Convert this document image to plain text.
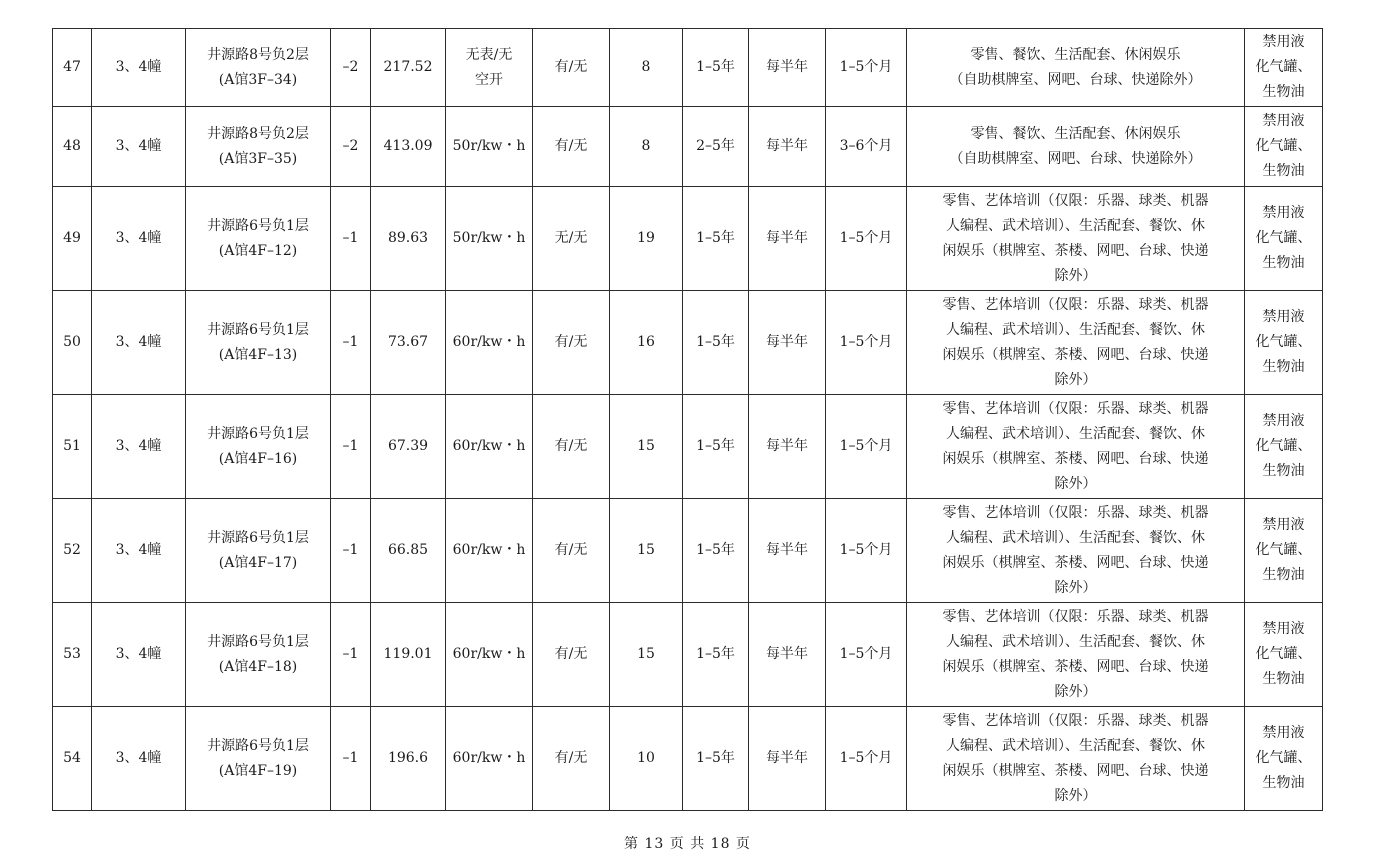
47	3、4幢	井源路8号负2层
(A馆3F–34)	–2	217.52	无表/无
空开	有/无	8	1–5年	每半年	1–5个月	零售、餐饮、生活配套、休闲娱乐
（自助棋牌室、网吧、台球、快递除外）	禁用液
化气罐、
生物油

48	3、4幢	井源路8号负2层
(A馆3F–35)	–2	413.09	50r/kw・h	有/无	8	2–5年	每半年	3–6个月	零售、餐饮、生活配套、休闲娱乐
（自助棋牌室、网吧、台球、快递除外）	禁用液
化气罐、
生物油

49	3、4幢	井源路6号负1层
(A馆4F–12)	–1	89.63	50r/kw・h	无/无	19	1–5年	每半年	1–5个月	零售、艺体培训（仅限：乐器、球类、机器
人编程、武术培训）、生活配套、餐饮、休
闲娱乐（棋牌室、茶楼、网吧、台球、快递
除外）	禁用液
化气罐、
生物油

50	3、4幢	井源路6号负1层
(A馆4F–13)	–1	73.67	60r/kw・h	有/无	16	1–5年	每半年	1–5个月	零售、艺体培训（仅限：乐器、球类、机器
人编程、武术培训）、生活配套、餐饮、休
闲娱乐（棋牌室、茶楼、网吧、台球、快递
除外）	禁用液
化气罐、
生物油

51	3、4幢	井源路6号负1层
(A馆4F–16)	–1	67.39	60r/kw・h	有/无	15	1–5年	每半年	1–5个月	零售、艺体培训（仅限：乐器、球类、机器
人编程、武术培训）、生活配套、餐饮、休
闲娱乐（棋牌室、茶楼、网吧、台球、快递
除外）	禁用液
化气罐、
生物油

52	3、4幢	井源路6号负1层
(A馆4F–17)	–1	66.85	60r/kw・h	有/无	15	1–5年	每半年	1–5个月	零售、艺体培训（仅限：乐器、球类、机器
人编程、武术培训）、生活配套、餐饮、休
闲娱乐（棋牌室、茶楼、网吧、台球、快递
除外）	禁用液
化气罐、
生物油

53	3、4幢	井源路6号负1层
(A馆4F–18)	–1	119.01	60r/kw・h	有/无	15	1–5年	每半年	1–5个月	零售、艺体培训（仅限：乐器、球类、机器
人编程、武术培训）、生活配套、餐饮、休
闲娱乐（棋牌室、茶楼、网吧、台球、快递
除外）	禁用液
化气罐、
生物油

54	3、4幢	井源路6号负1层
(A馆4F–19)	–1	196.6	60r/kw・h	有/无	10	1–5年	每半年	1–5个月	零售、艺体培训（仅限：乐器、球类、机器
人编程、武术培训）、生活配套、餐饮、休
闲娱乐（棋牌室、茶楼、网吧、台球、快递
除外）	禁用液
化气罐、
生物油
第 13 页 共 18 页
